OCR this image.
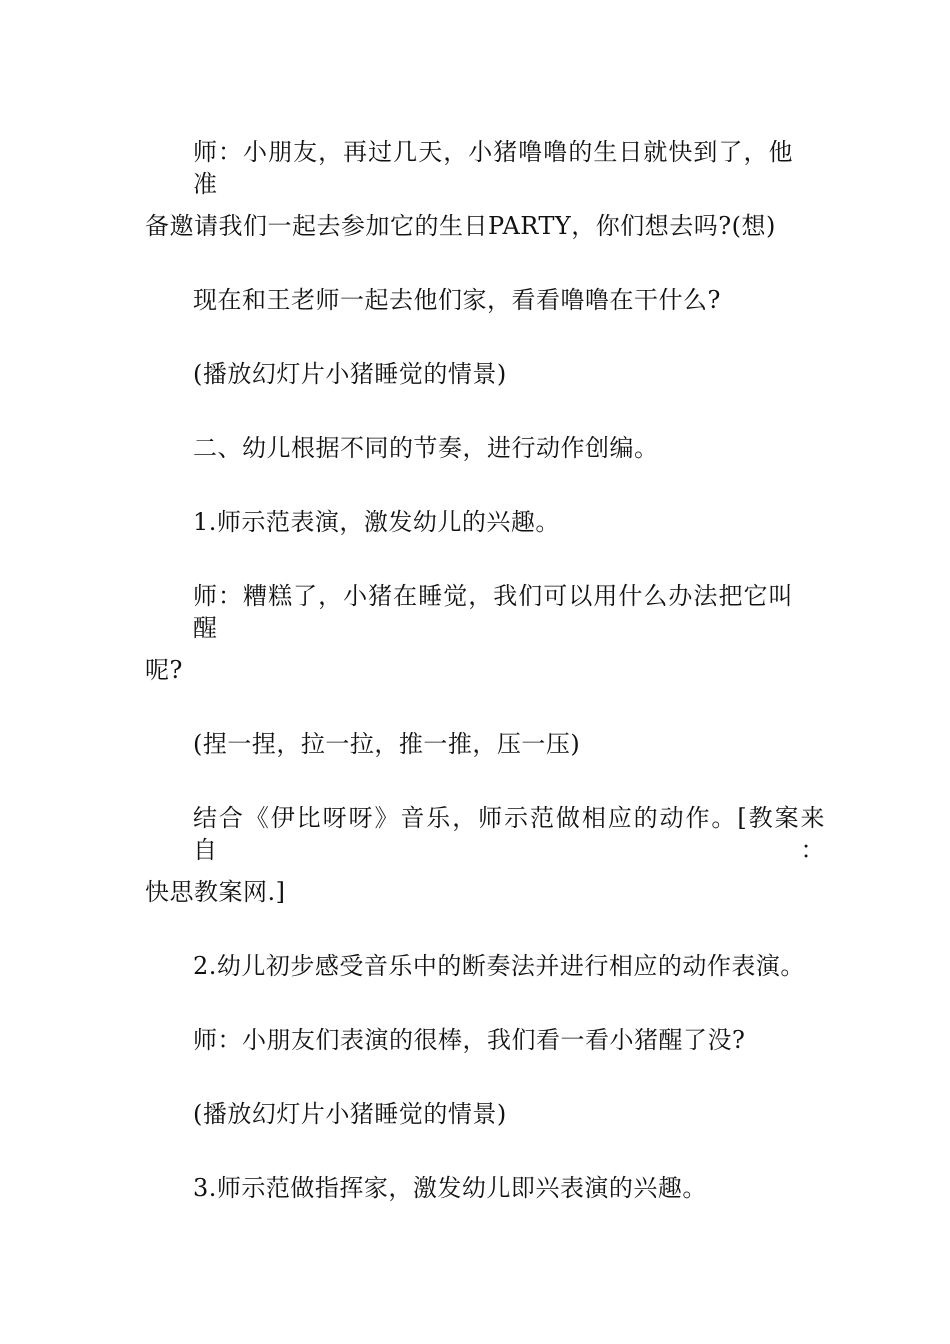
师：小朋友，再过几天，小猪噜噜的生日就快到了，他准
备邀请我们一起去参加它的生日PARTY，你们想去吗?(想)
现在和王老师一起去他们家，看看噜噜在干什么?
(播放幻灯片小猪睡觉的情景)
二、幼儿根据不同的节奏，进行动作创编。
1.师示范表演，激发幼儿的兴趣。
师：糟糕了，小猪在睡觉，我们可以用什么办法把它叫醒
呢?
(捏一捏，拉一拉，推一推，压一压)
结合《伊比呀呀》音乐，师示范做相应的动作。[教案来自：
快思教案网.]
2.幼儿初步感受音乐中的断奏法并进行相应的动作表演。
师：小朋友们表演的很棒，我们看一看小猪醒了没?
(播放幻灯片小猪睡觉的情景)
3.师示范做指挥家，激发幼儿即兴表演的兴趣。
